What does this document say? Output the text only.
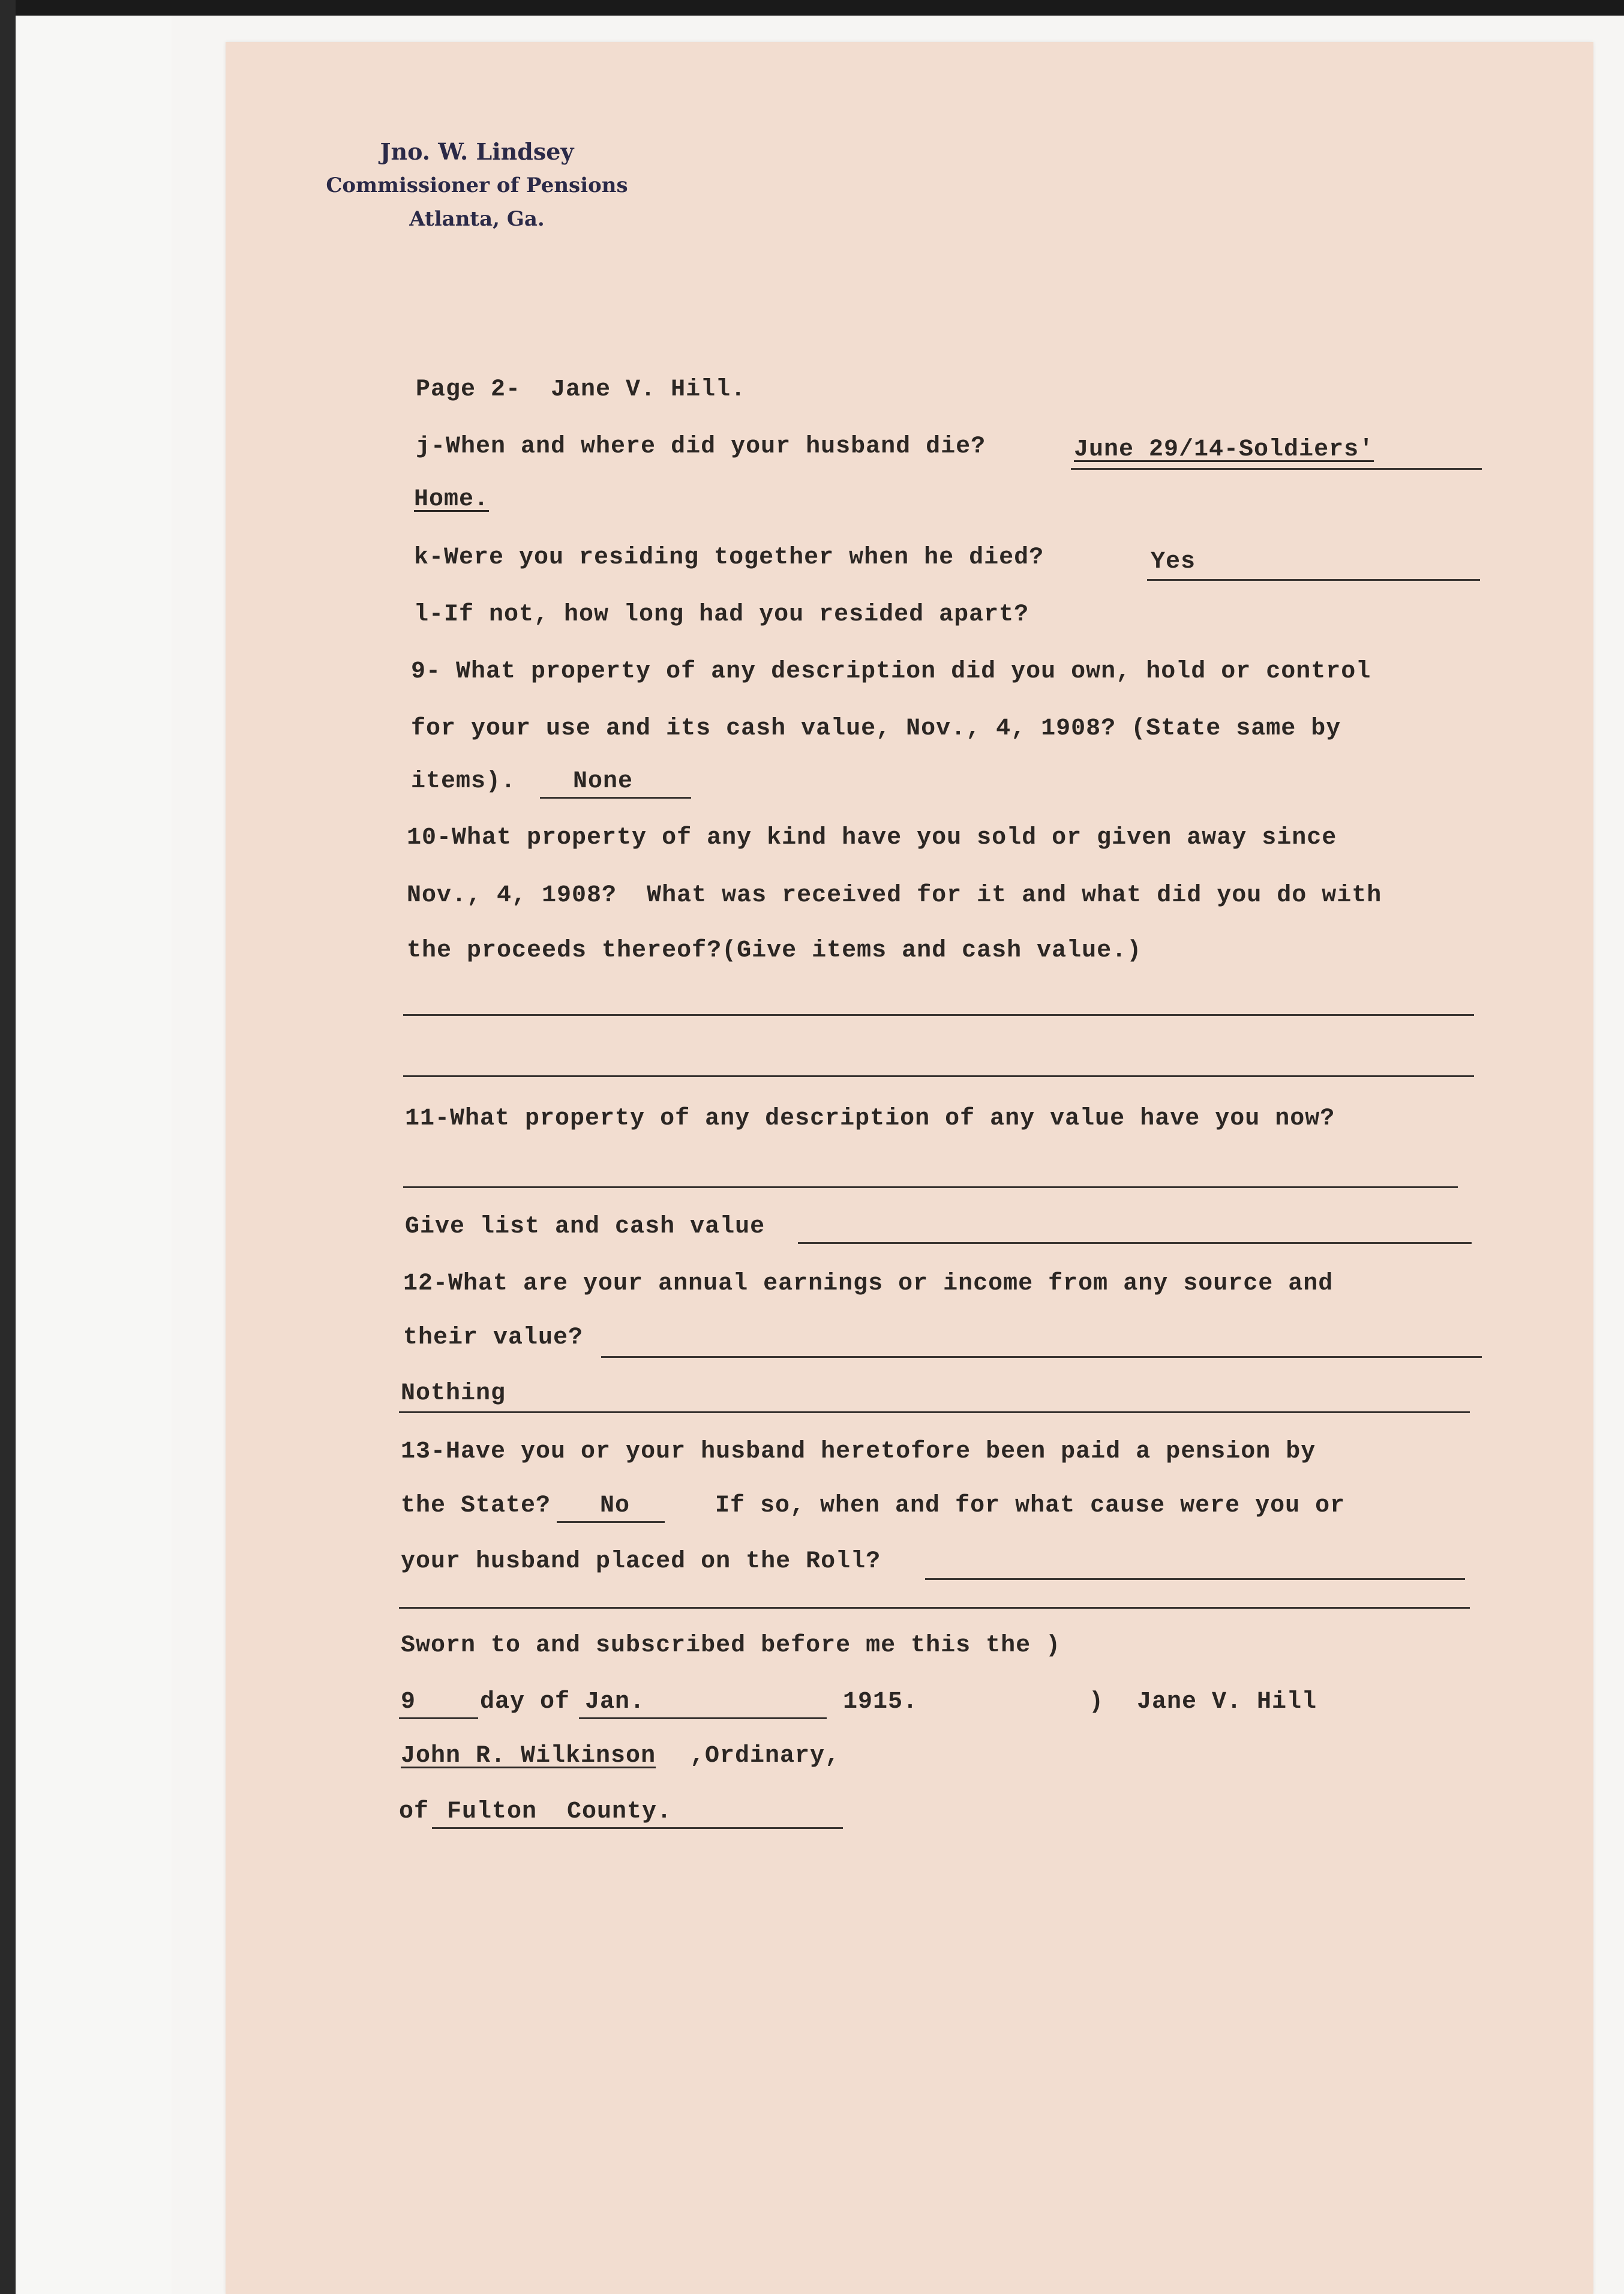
Jno. W. Lindsey
Commissioner of Pensions
Atlanta, Ga.
Page 2-  Jane V. Hill.
j-When and where did your husband die?	June 29/14-Soldiers'
Home.
k-Were you residing together when he died?	Yes
l-If not, how long had you resided apart?
9- What property of any description did you own, hold or control
for your use and its cash value, Nov., 4, 1908? (State same by
items). None
10-What property of any kind have you sold or given away since
Nov., 4, 1908?  What was received for it and what did you do with
the proceeds thereof?(Give items and cash value.)
11-What property of any description of any value have you now?
Give list and cash value
12-What are your annual earnings or income from any source and
their value?
Nothing
13-Have you or your husband heretofore been paid a pension by
the State? No	If so, when and for what cause were you or
your husband placed on the Roll?
Sworn to and subscribed before me this the )
9	day of Jan.	1915.	) Jane V. Hill
John R. Wilkinson ,Ordinary,
of Fulton  County.
